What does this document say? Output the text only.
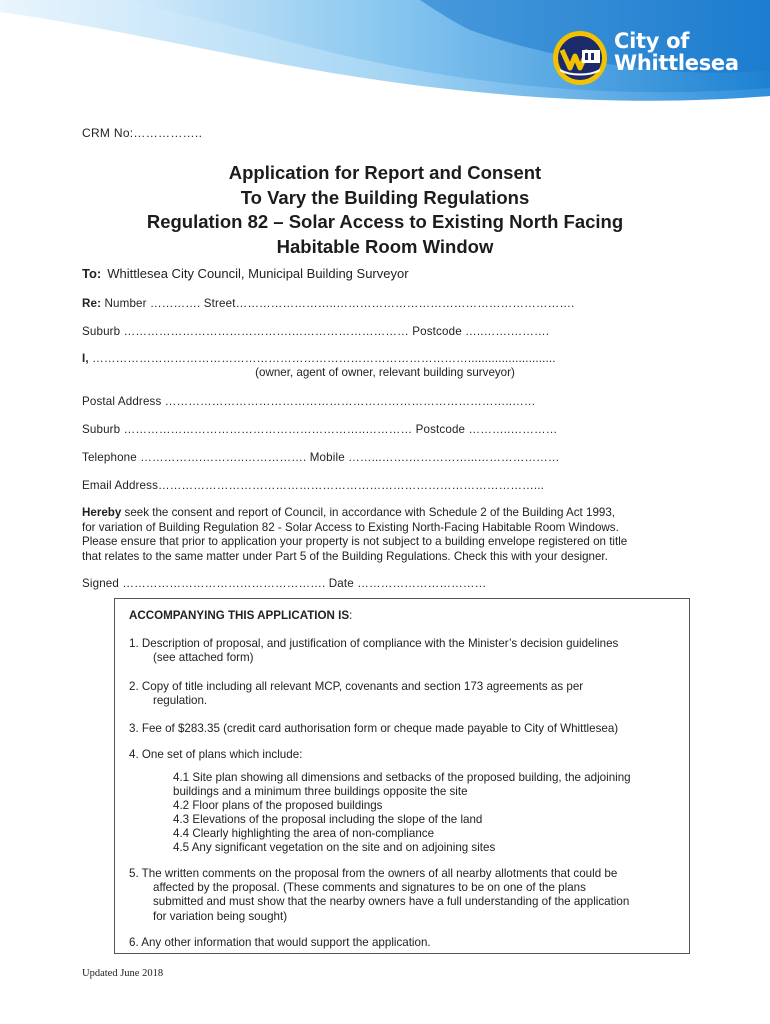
City of
Whittlesea
CRM No:……………..
Application for Report and Consent
To Vary the Building Regulations
Regulation 82 – Solar Access to Existing North Facing
Habitable Room Window
To: Whittlesea City Council, Municipal Building Surveyor
Re: Number …………. Street……………………..…………………………………………………….
Suburb …………………………………….………………………… Postcode …..…….……….
I, ……………………………………………………………………………………..........................
(owner, agent of owner, relevant building surveyor)
Postal Address ……………………………………………………………………………..……
Suburb ……………………………………………………..………… Postcode ………..…………
Telephone …………….………..……………. Mobile ……...…….……………...…………………
Email Address……………………………………………………………………………………...
Hereby seek the consent and report of Council, in accordance with Schedule 2 of the Building Act 1993,
for variation of Building Regulation 82 - Solar Access to Existing North-Facing Habitable Room Windows.
Please ensure that prior to application your property is not subject to a building envelope registered on title
that relates to the same matter under Part 5 of the Building Regulations. Check this with your designer.
Signed ……………………………………………. Date ……………………………
ACCOMPANYING THIS APPLICATION IS:
1. Description of proposal, and justification of compliance with the Minister’s decision guidelines
(see attached form)
2. Copy of title including all relevant MCP, covenants and section 173 agreements as per
regulation.
3. Fee of $283.35 (credit card authorisation form or cheque made payable to City of Whittlesea)
4. One set of plans which include:
4.1 Site plan showing all dimensions and setbacks of the proposed building, the adjoining
buildings and a minimum three buildings opposite the site
4.2 Floor plans of the proposed buildings
4.3 Elevations of the proposal including the slope of the land
4.4 Clearly highlighting the area of non-compliance
4.5 Any significant vegetation on the site and on adjoining sites
5. The written comments on the proposal from the owners of all nearby allotments that could be
affected by the proposal. (These comments and signatures to be on one of the plans
submitted and must show that the nearby owners have a full understanding of the application
for variation being sought)
6. Any other information that would support the application.
Updated June 2018
